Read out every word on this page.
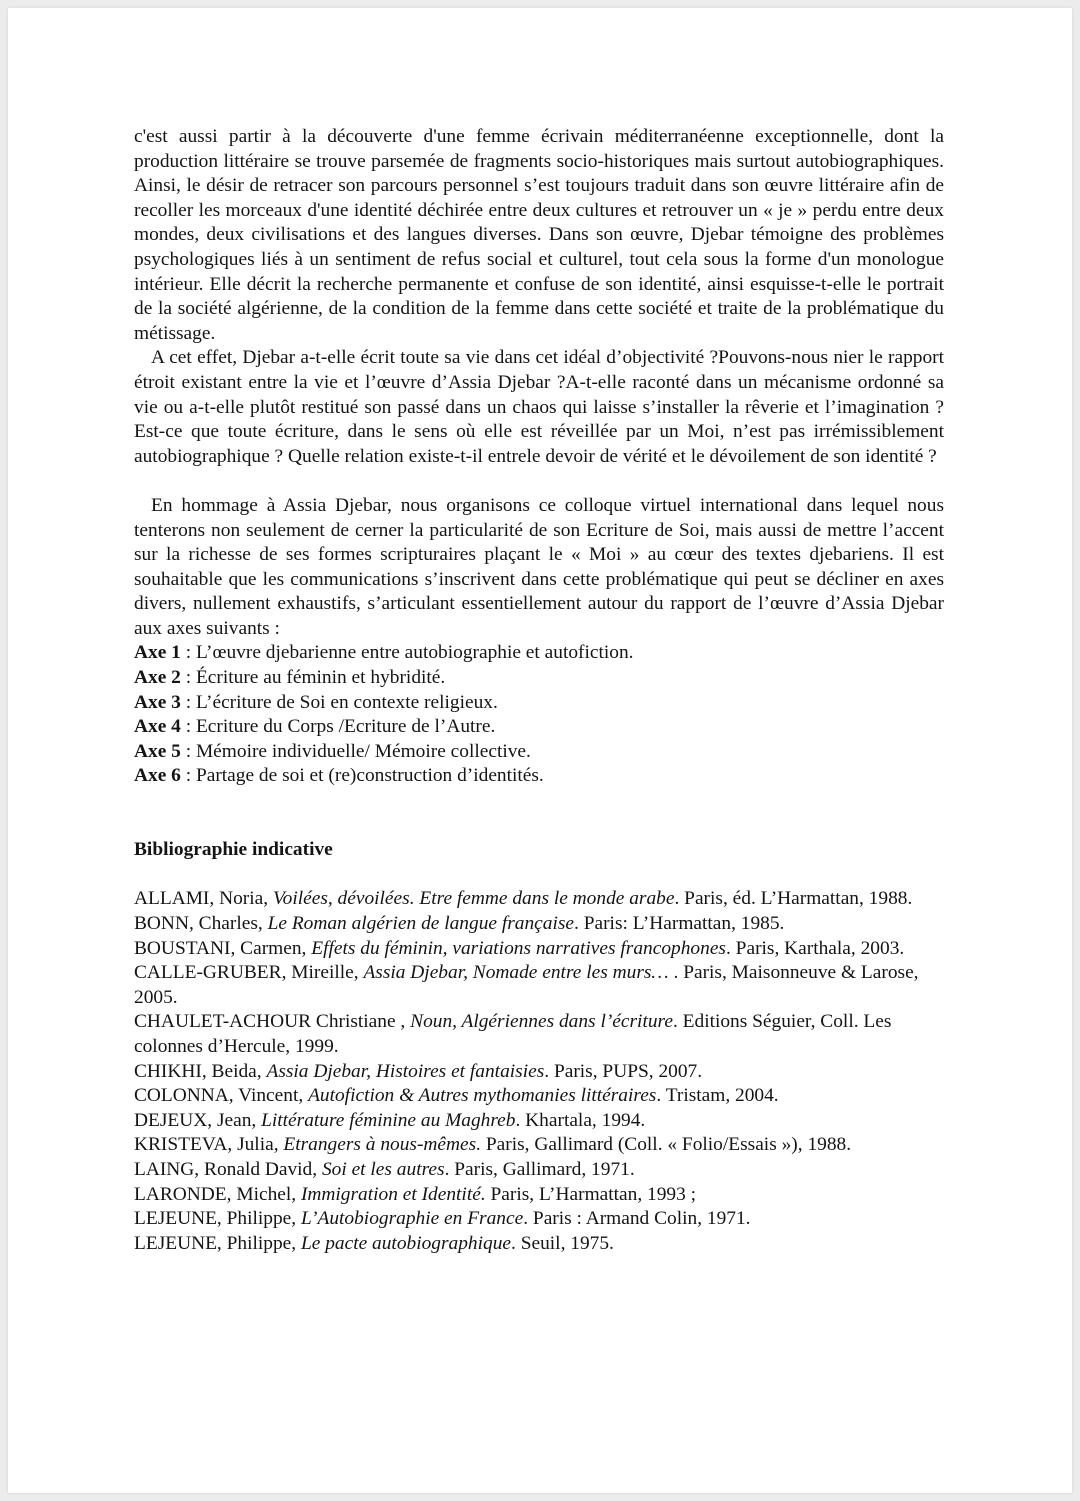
c'est aussi partir à la découverte d'une femme écrivain méditerranéenne exceptionnelle, dont la production littéraire se trouve parsemée de fragments socio-historiques mais surtout autobiographiques. Ainsi, le désir de retracer son parcours personnel s’est toujours traduit dans son œuvre littéraire afin de recoller les morceaux d'une identité déchirée entre deux cultures et retrouver un « je » perdu entre deux mondes, deux civilisations et des langues diverses. Dans son œuvre, Djebar témoigne des problèmes psychologiques liés à un sentiment de refus social et culturel, tout cela sous la forme d'un monologue intérieur. Elle décrit la recherche permanente et confuse de son identité, ainsi esquisse-t-elle le portrait de la société algérienne, de la condition de la femme dans cette société et traite de la problématique du métissage.

A cet effet, Djebar a-t-elle écrit toute sa vie dans cet idéal d’objectivité ?Pouvons-nous nier le rapport étroit existant entre la vie et l’œuvre d’Assia Djebar ?A-t-elle raconté dans un mécanisme ordonné sa vie ou a-t-elle plutôt restitué son passé dans un chaos qui laisse s’installer la rêverie et l’imagination ? Est-ce que toute écriture, dans le sens où elle est réveillée par un Moi, n’est pas irrémissiblement autobiographique ? Quelle relation existe-t-il entrele devoir de vérité et le dévoilement de son identité ?

En hommage à Assia Djebar, nous organisons ce colloque virtuel international dans lequel nous tenterons non seulement de cerner la particularité de son Ecriture de Soi, mais aussi de mettre l’accent sur la richesse de ses formes scripturaires plaçant le « Moi » au cœur des textes djebariens. Il est souhaitable que les communications s’inscrivent dans cette problématique qui peut se décliner en axes divers, nullement exhaustifs, s’articulant essentiellement autour du rapport de l’œuvre d’Assia Djebar aux axes suivants :

Axe 1 : L’œuvre djebarienne entre autobiographie et autofiction.
Axe 2 : Écriture au féminin et hybridité.
Axe 3 : L’écriture de Soi en contexte religieux.
Axe 4 : Ecriture du Corps /Ecriture de l’Autre.
Axe 5 : Mémoire individuelle/ Mémoire collective.
Axe 6 : Partage de soi et (re)construction d’identités.

Bibliographie indicative

ALLAMI, Noria, Voilées, dévoilées. Etre femme dans le monde arabe. Paris, éd. L’Harmattan, 1988.
BONN, Charles, Le Roman algérien de langue française. Paris: L’Harmattan, 1985.
BOUSTANI, Carmen, Effets du féminin, variations narratives francophones. Paris, Karthala, 2003.
CALLE-GRUBER, Mireille, Assia Djebar, Nomade entre les murs… . Paris, Maisonneuve & Larose, 2005.
CHAULET-ACHOUR Christiane , Noun, Algériennes dans l’écriture. Editions Séguier, Coll. Les colonnes d’Hercule, 1999.
CHIKHI, Beida, Assia Djebar, Histoires et fantaisies. Paris, PUPS, 2007.
COLONNA, Vincent, Autofiction & Autres mythomanies littéraires. Tristam, 2004.
DEJEUX, Jean, Littérature féminine au Maghreb. Khartala, 1994.
KRISTEVA, Julia, Etrangers à nous-mêmes. Paris, Gallimard (Coll. « Folio/Essais »), 1988.
LAING, Ronald David, Soi et les autres. Paris, Gallimard, 1971.
LARONDE, Michel, Immigration et Identité. Paris, L’Harmattan, 1993 ;
LEJEUNE, Philippe, L’Autobiographie en France. Paris : Armand Colin, 1971.
LEJEUNE, Philippe, Le pacte autobiographique. Seuil, 1975.
